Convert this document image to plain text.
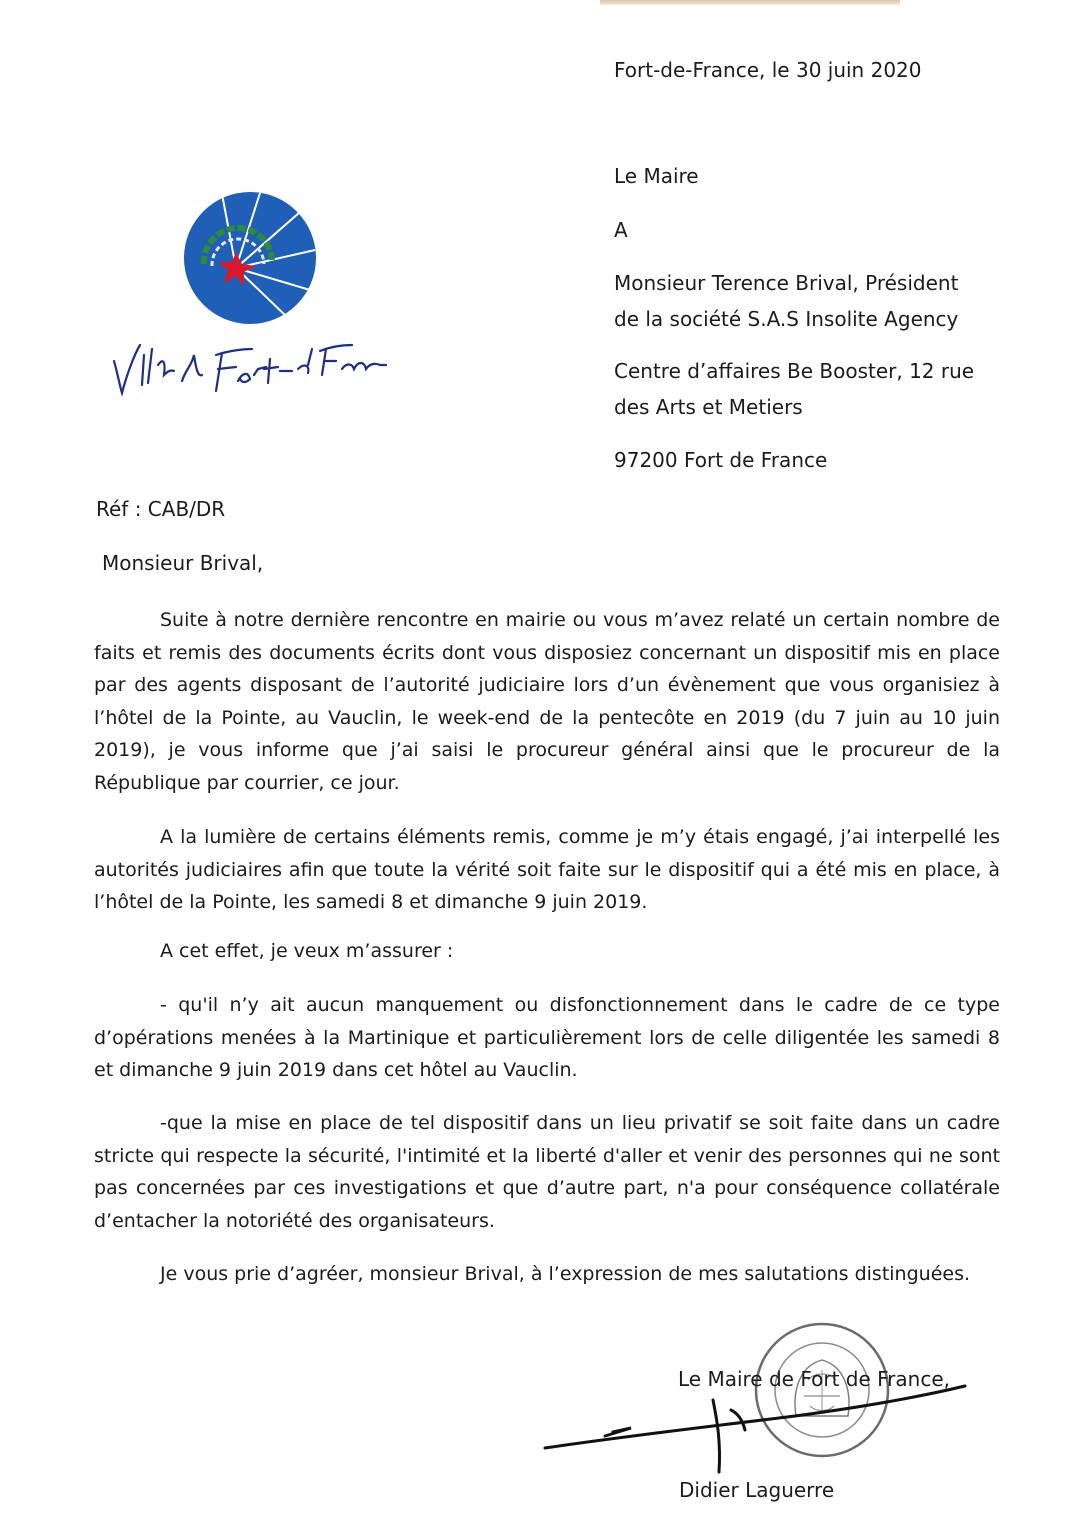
Fort-de-France, le 30 juin 2020
Le Maire
A
Monsieur Terence Brival, Président
de la société S.A.S Insolite Agency
Centre d’affaires Be Booster, 12 rue
des Arts et Metiers
97200 Fort de France
Réf : CAB/DR
Monsieur Brival,

Suite à notre dernière rencontre en mairie ou vous m’avez relaté un certain nombre de faits et remis des documents écrits dont vous disposiez concernant un dispositif mis en place par des agents disposant de l’autorité judiciaire lors d’un évènement que vous organisiez à l’hôtel de la Pointe, au Vauclin, le week-end de la pentecôte en 2019 (du 7 juin au 10 juin 2019), je vous informe que j’ai saisi le procureur général ainsi que le procureur de la République par courrier, ce jour.

A la lumière de certains éléments remis, comme je m’y étais engagé, j’ai interpellé les autorités judiciaires afin que toute la vérité soit faite sur le dispositif qui a été mis en place, à l’hôtel de la Pointe, les samedi 8 et dimanche 9 juin 2019.

A cet effet, je veux m’assurer :

- qu'il n’y ait aucun manquement ou disfonctionnement dans le cadre de ce type d’opérations menées à la Martinique et particulièrement lors de celle diligentée les samedi 8 et dimanche 9 juin 2019 dans cet hôtel au Vauclin.

-que la mise en place de tel dispositif dans un lieu privatif se soit faite dans un cadre stricte qui respecte la sécurité, l'intimité et la liberté d'aller et venir des personnes qui ne sont pas concernées par ces investigations et que d’autre part, n'a pour conséquence collatérale d’entacher la notoriété des organisateurs.

Je vous prie d’agréer, monsieur Brival, à l’expression de mes salutations distinguées.

Le Maire de Fort de France,
Didier Laguerre
